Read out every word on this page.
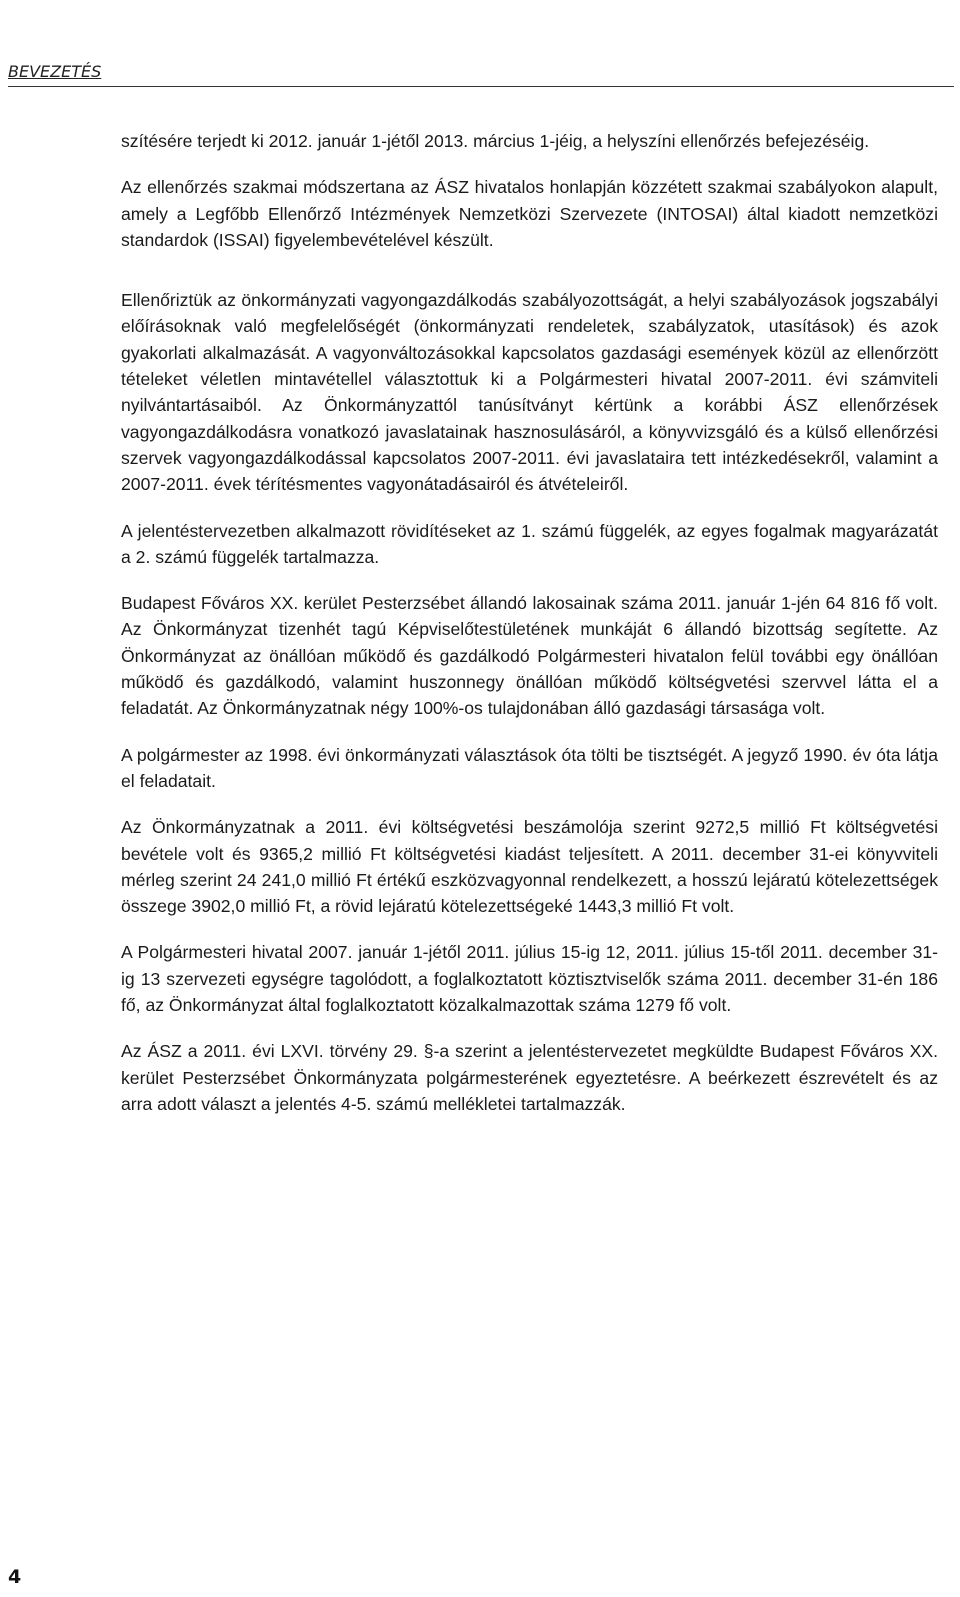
BEVEZETÉS

szítésére terjedt ki 2012. január 1-jétől 2013. március 1-jéig, a helyszíni ellenőrzés befejezéséig.

Az ellenőrzés szakmai módszertana az ÁSZ hivatalos honlapján közzétett szakmai szabályokon alapult, amely a Legfőbb Ellenőrző Intézmények Nemzetközi Szervezete (INTOSAI) által kiadott nemzetközi standardok (ISSAI) figyelembevételével készült.

Ellenőriztük az önkormányzati vagyongazdálkodás szabályozottságát, a helyi szabályozások jogszabályi előírásoknak való megfelelőségét (önkormányzati rendeletek, szabályzatok, utasítások) és azok gyakorlati alkalmazását. A vagyonváltozásokkal kapcsolatos gazdasági események közül az ellenőrzött tételeket véletlen mintavétellel választottuk ki a Polgármesteri hivatal 2007-2011. évi számviteli nyilvántartásaiból. Az Önkormányzattól tanúsítványt kértünk a korábbi ÁSZ ellenőrzések vagyongazdálkodásra vonatkozó javaslatainak hasznosulásáról, a könyvvizsgáló és a külső ellenőrzési szervek vagyongazdálkodással kapcsolatos 2007-2011. évi javaslataira tett intézkedésekről, valamint a 2007-2011. évek térítésmentes vagyonátadásairól és átvételeiről.

A jelentéstervezetben alkalmazott rövidítéseket az 1. számú függelék, az egyes fogalmak magyarázatát a 2. számú függelék tartalmazza.

Budapest Főváros XX. kerület Pesterzsébet állandó lakosainak száma 2011. január 1-jén 64 816 fő volt. Az Önkormányzat tizenhét tagú Képviselőtestületének munkáját 6 állandó bizottság segítette. Az Önkormányzat az önállóan működő és gazdálkodó Polgármesteri hivatalon felül további egy önállóan működő és gazdálkodó, valamint huszonnegy önállóan működő költségvetési szervvel látta el a feladatát. Az Önkormányzatnak négy 100%-os tulajdonában álló gazdasági társasága volt.

A polgármester az 1998. évi önkormányzati választások óta tölti be tisztségét. A jegyző 1990. év óta látja el feladatait.

Az Önkormányzatnak a 2011. évi költségvetési beszámolója szerint 9272,5 millió Ft költségvetési bevétele volt és 9365,2 millió Ft költségvetési kiadást teljesített. A 2011. december 31-ei könyvviteli mérleg szerint 24 241,0 millió Ft értékű eszközvagyonnal rendelkezett, a hosszú lejáratú kötelezettségek összege 3902,0 millió Ft, a rövid lejáratú kötelezettségeké 1443,3 millió Ft volt.

A Polgármesteri hivatal 2007. január 1-jétől 2011. július 15-ig 12, 2011. július 15-től 2011. december 31-ig 13 szervezeti egységre tagolódott, a foglalkoztatott köztisztviselők száma 2011. december 31-én 186 fő, az Önkormányzat által foglalkoztatott közalkalmazottak száma 1279 fő volt.

Az ÁSZ a 2011. évi LXVI. törvény 29. §-a szerint a jelentéstervezetet megküldte Budapest Főváros XX. kerület Pesterzsébet Önkormányzata polgármesterének egyeztetésre. A beérkezett észrevételt és az arra adott választ a jelentés 4-5. számú mellékletei tartalmazzák.

4
